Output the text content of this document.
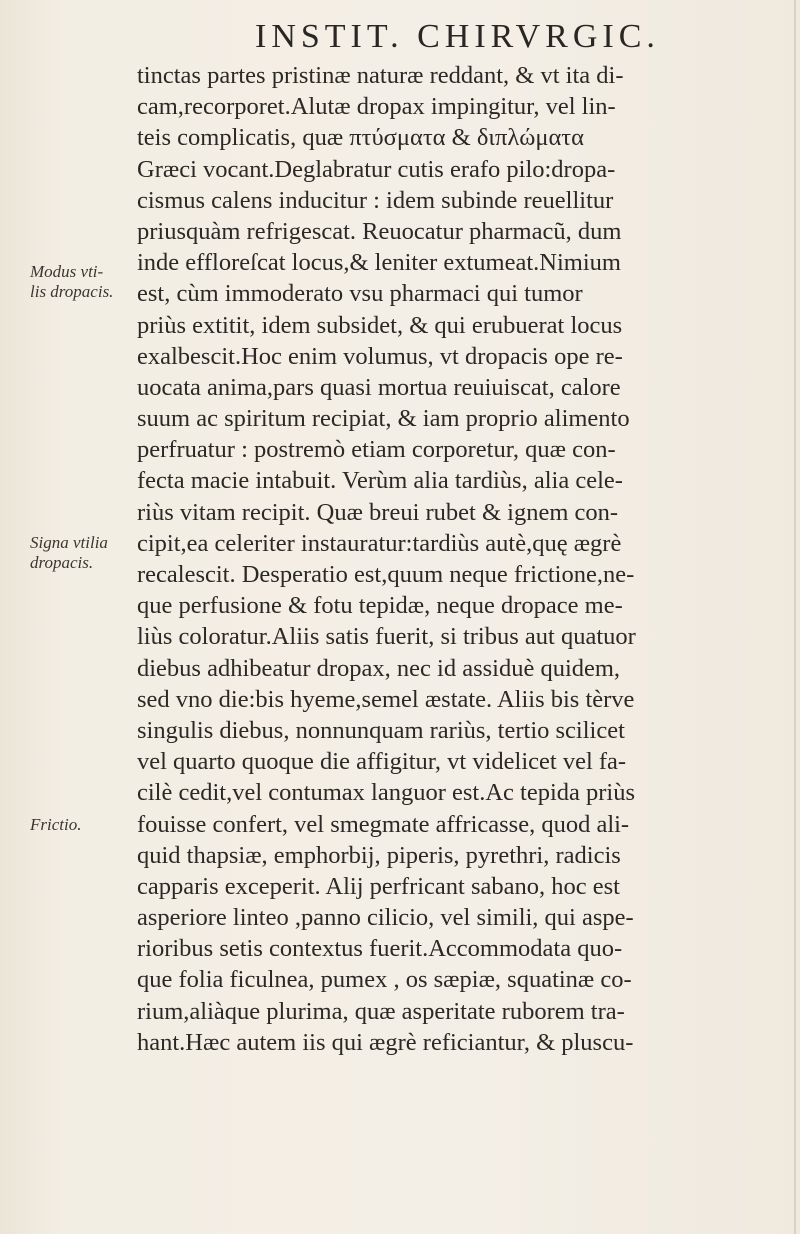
INSTIT. CHIRVRGIC.
Modus vti-
lis dropacis.
Signa vtilia
dropacis.
Frictio.
tinctas partes pristinæ naturæ reddant, & vt ita di-
cam,recorporet.Alutæ dropax impingitur, vel lin-
teis complicatis, quæ πτύσματα & διπλώματα
Græci vocant.Deglabratur cutis erafo pilo:dropa-
cismus calens inducitur : idem subinde reuellitur
priusquàm refrigescat. Reuocatur pharmacũ, dum
inde effloreſcat locus,& leniter extumeat.Nimium
est, cùm immoderato vsu pharmaci qui tumor
priùs extitit, idem subsidet, & qui erubuerat locus
exalbescit.Hoc enim volumus, vt dropacis ope re-
uocata anima,pars quasi mortua reuiuiscat, calore
suum ac spiritum recipiat, & iam proprio alimento
perfruatur : postremò etiam corporetur, quæ con-
fecta macie intabuit. Verùm alia tardiùs, alia cele-
riùs vitam recipit. Quæ breui rubet & ignem con-
cipit,ea celeriter instauratur:tardiùs autè,quę ægrè
recalescit. Desperatio est,quum neque frictione,ne-
que perfusione & fotu tepidæ, neque dropace me-
liùs coloratur.Aliis satis fuerit, si tribus aut quatuor
diebus adhibeatur dropax, nec id assiduè quidem,
sed vno die:bis hyeme,semel æstate. Aliis bis tèrve
singulis diebus, nonnunquam rariùs, tertio scilicet
vel quarto quoque die affigitur, vt videlicet vel fa-
cilè cedit,vel contumax languor est.Ac tepida priùs
fouisse confert, vel smegmate affricasse, quod ali-
quid thapsiæ, emphorbij, piperis, pyrethri, radicis
capparis exceperit. Alij perfricant sabano, hoc est
asperiore linteo ,panno cilicio, vel simili, qui aspe-
rioribus setis contextus fuerit.Accommodata quo-
que folia ficulnea, pumex , os sæpiæ, squatinæ co-
rium,aliàque plurima, quæ asperitate ruborem tra-
hant.Hæc autem iis qui ægrè reficiantur, & pluscu-
